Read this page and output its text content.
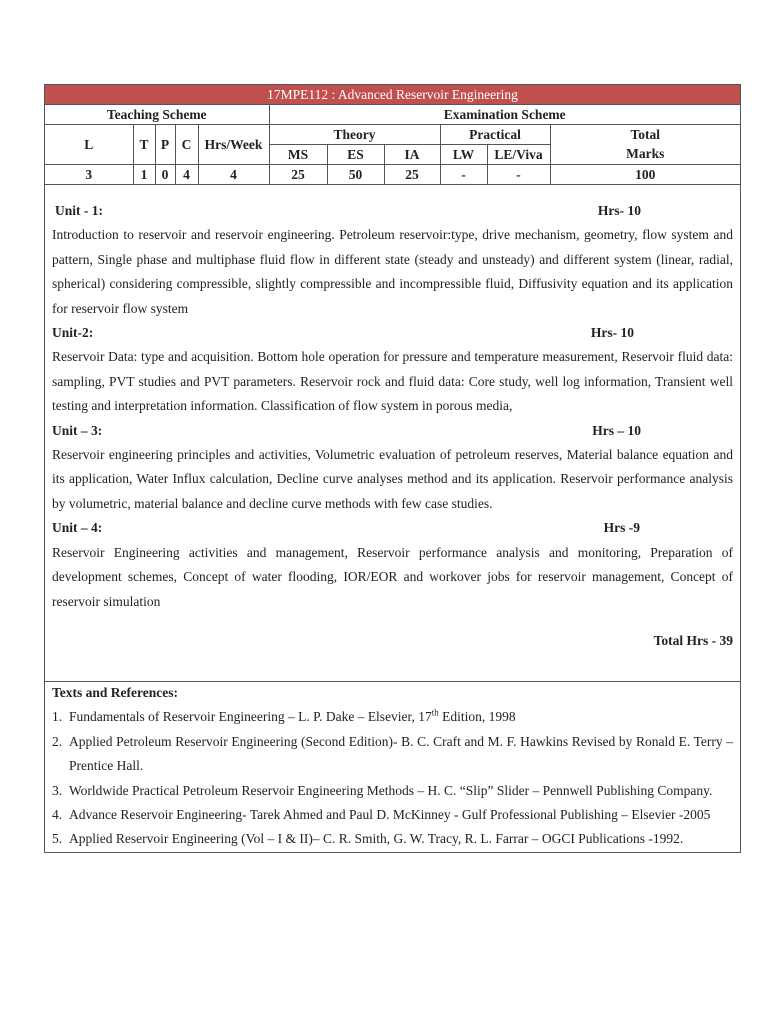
17MPE112 : Advanced Reservoir Engineering										
Teaching Scheme					Examination Scheme					
L	T	P	C	Hrs/Week	Theory			Practical		Total
					MS	ES	IA	LW	LE/Viva	Marks
3	1	0	4	4	25	50	25	-	-	100
Unit - 1:	Hrs- 10
Introduction to reservoir and reservoir engineering. Petroleum reservoir:type, drive mechanism, geometry, flow system and pattern, Single phase and multiphase fluid flow in different state (steady and unsteady) and different system (linear, radial, spherical) considering compressible, slightly compressible and incompressible fluid, Diffusivity equation and its application for reservoir flow system
Unit-2:	Hrs- 10
Reservoir Data: type and acquisition. Bottom hole operation for pressure and temperature measurement, Reservoir fluid data: sampling, PVT studies and PVT parameters. Reservoir rock and fluid data: Core study, well log information, Transient well testing and interpretation information. Classification of flow system in porous media,
Unit – 3:	Hrs – 10
Reservoir engineering principles and activities, Volumetric evaluation of petroleum reserves, Material balance equation and its application, Water Influx calculation, Decline curve analyses method and its application. Reservoir performance analysis by volumetric, material balance and decline curve methods with few case studies.
Unit – 4:	Hrs -9
Reservoir Engineering activities and management, Reservoir performance analysis and monitoring, Preparation of development schemes, Concept of water flooding, IOR/EOR and workover jobs for reservoir management, Concept of reservoir simulation
Total Hrs - 39
Texts and References:
1. Fundamentals of Reservoir Engineering – L. P. Dake – Elsevier, 17th Edition, 1998
2. Applied Petroleum Reservoir Engineering (Second Edition)- B. C. Craft and M. F. Hawkins Revised by Ronald E. Terry – Prentice Hall.
3. Worldwide Practical Petroleum Reservoir Engineering Methods – H. C. “Slip” Slider – Pennwell Publishing Company.
4. Advance Reservoir Engineering- Tarek Ahmed and Paul D. McKinney - Gulf Professional Publishing – Elsevier -2005
5. Applied Reservoir Engineering (Vol – I & II)– C. R. Smith, G. W. Tracy, R. L. Farrar – OGCI Publications -1992.
